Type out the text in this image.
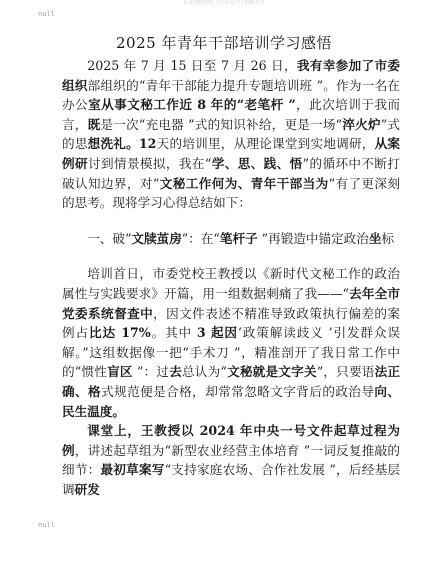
更多完整资料 关注公众号 / 资料分享
null
2025 年青年干部培训学习感悟

2025 年 7 月 15 日至 7 月 26 日，我有幸参加了市委组织部组织的“青年干部能力提升专题培训班 ”。作为一名在办公室从事文秘工作近 8 年的“老笔杆 ”，此次培训于我而言，既是一次“充电器 ”式的知识补给，更是一场“淬火炉”式的思想洗礼。12天的培训里，从理论课堂到实地调研，从案例研讨到情景模拟，我在“学、思、践、悟”的循环中不断打破认知边界，对“文秘工作何为、青年干部当为”有了更深刻的思考。现将学习心得总结如下：

一、破“文牍茧房”：在“笔杆子 ”再锻造中锚定政治坐标

培训首日，市委党校王教授以《新时代文秘工作的政治属性与实践要求》开篇，用一组数据刺痛了我——“去年全市党委系统督查中，因文件表述不精准导致政策执行偏差的案例占比达 17%。其中 3 起因‘政策解读歧义 ’引发群众误解。”这组数据像一把“手术刀 ”，精准剖开了我日常工作中的“惯性盲区 ”：过去总认为“文秘就是文字关”，只要语法正确、格式规范便是合格，却常常忽略文字背后的政治导向、民生温度。

课堂上，王教授以 2024 年中央一号文件起草过程为例，讲述起草组为“新型农业经营主体培育 ”一词反复推敲的细节：最初草案写“支持家庭农场、合作社发展 ”，后经基层调研发

null
